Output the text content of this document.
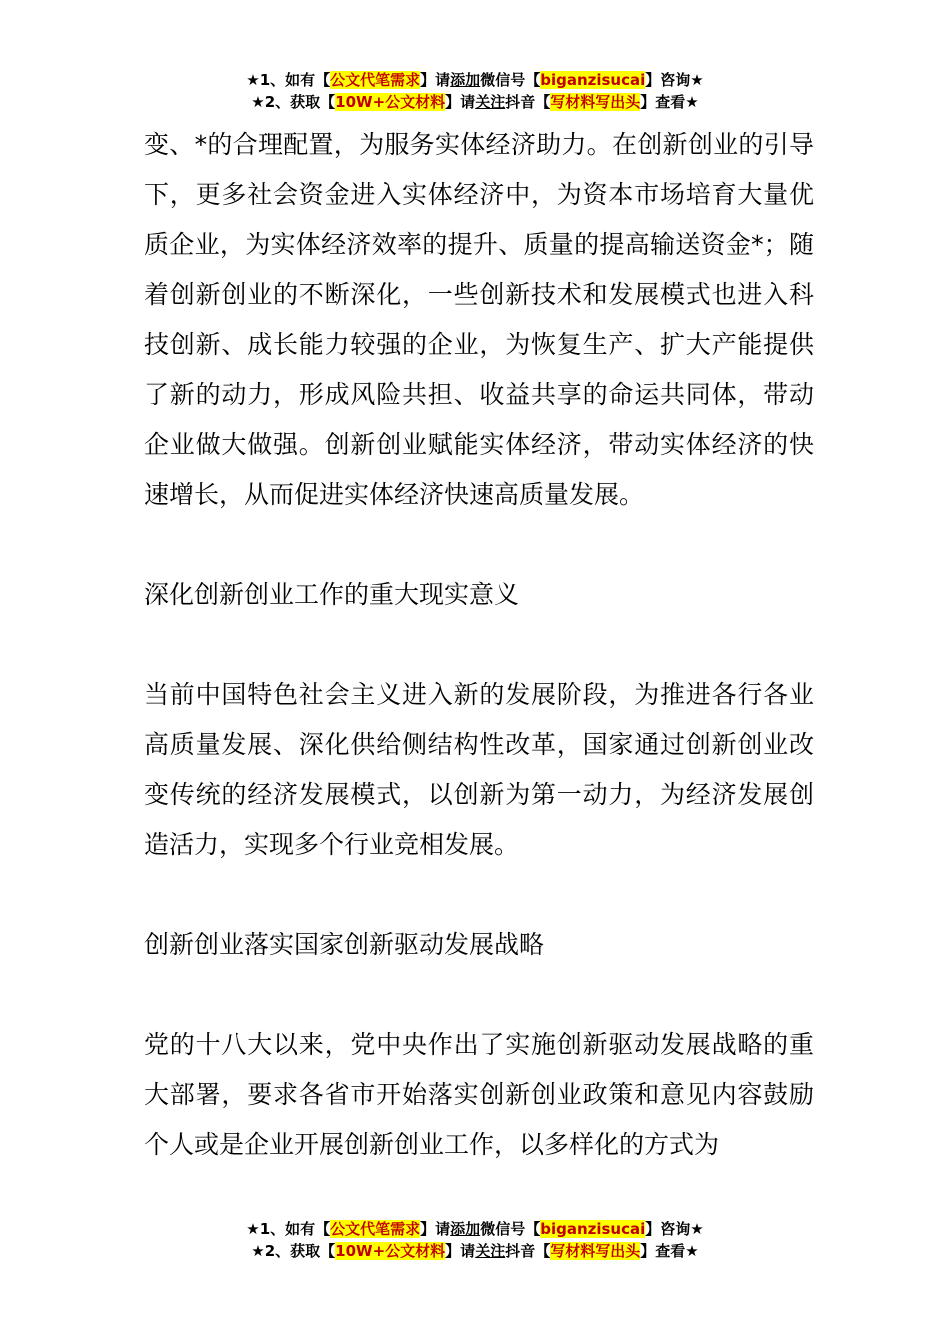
★1、如有【公文代笔需求】请添加微信号【biganzisucai】咨询★
★2、获取【10W+公文材料】请关注抖音【写材料写出头】查看★

变、*的合理配置，为服务实体经济助力。在创新创业的引导下，更多社会资金进入实体经济中，为资本市场培育大量优质企业，为实体经济效率的提升、质量的提高输送资金*；随着创新创业的不断深化，一些创新技术和发展模式也进入科技创新、成长能力较强的企业，为恢复生产、扩大产能提供了新的动力，形成风险共担、收益共享的命运共同体，带动企业做大做强。创新创业赋能实体经济，带动实体经济的快速增长，从而促进实体经济快速高质量发展。

深化创新创业工作的重大现实意义

当前中国特色社会主义进入新的发展阶段，为推进各行各业高质量发展、深化供给侧结构性改革，国家通过创新创业改变传统的经济发展模式，以创新为第一动力，为经济发展创造活力，实现多个行业竞相发展。

创新创业落实国家创新驱动发展战略

党的十八大以来，党中央作出了实施创新驱动发展战略的重大部署，要求各省市开始落实创新创业政策和意见内容鼓励个人或是企业开展创新创业工作，以多样化的方式为

★1、如有【公文代笔需求】请添加微信号【biganzisucai】咨询★
★2、获取【10W+公文材料】请关注抖音【写材料写出头】查看★
